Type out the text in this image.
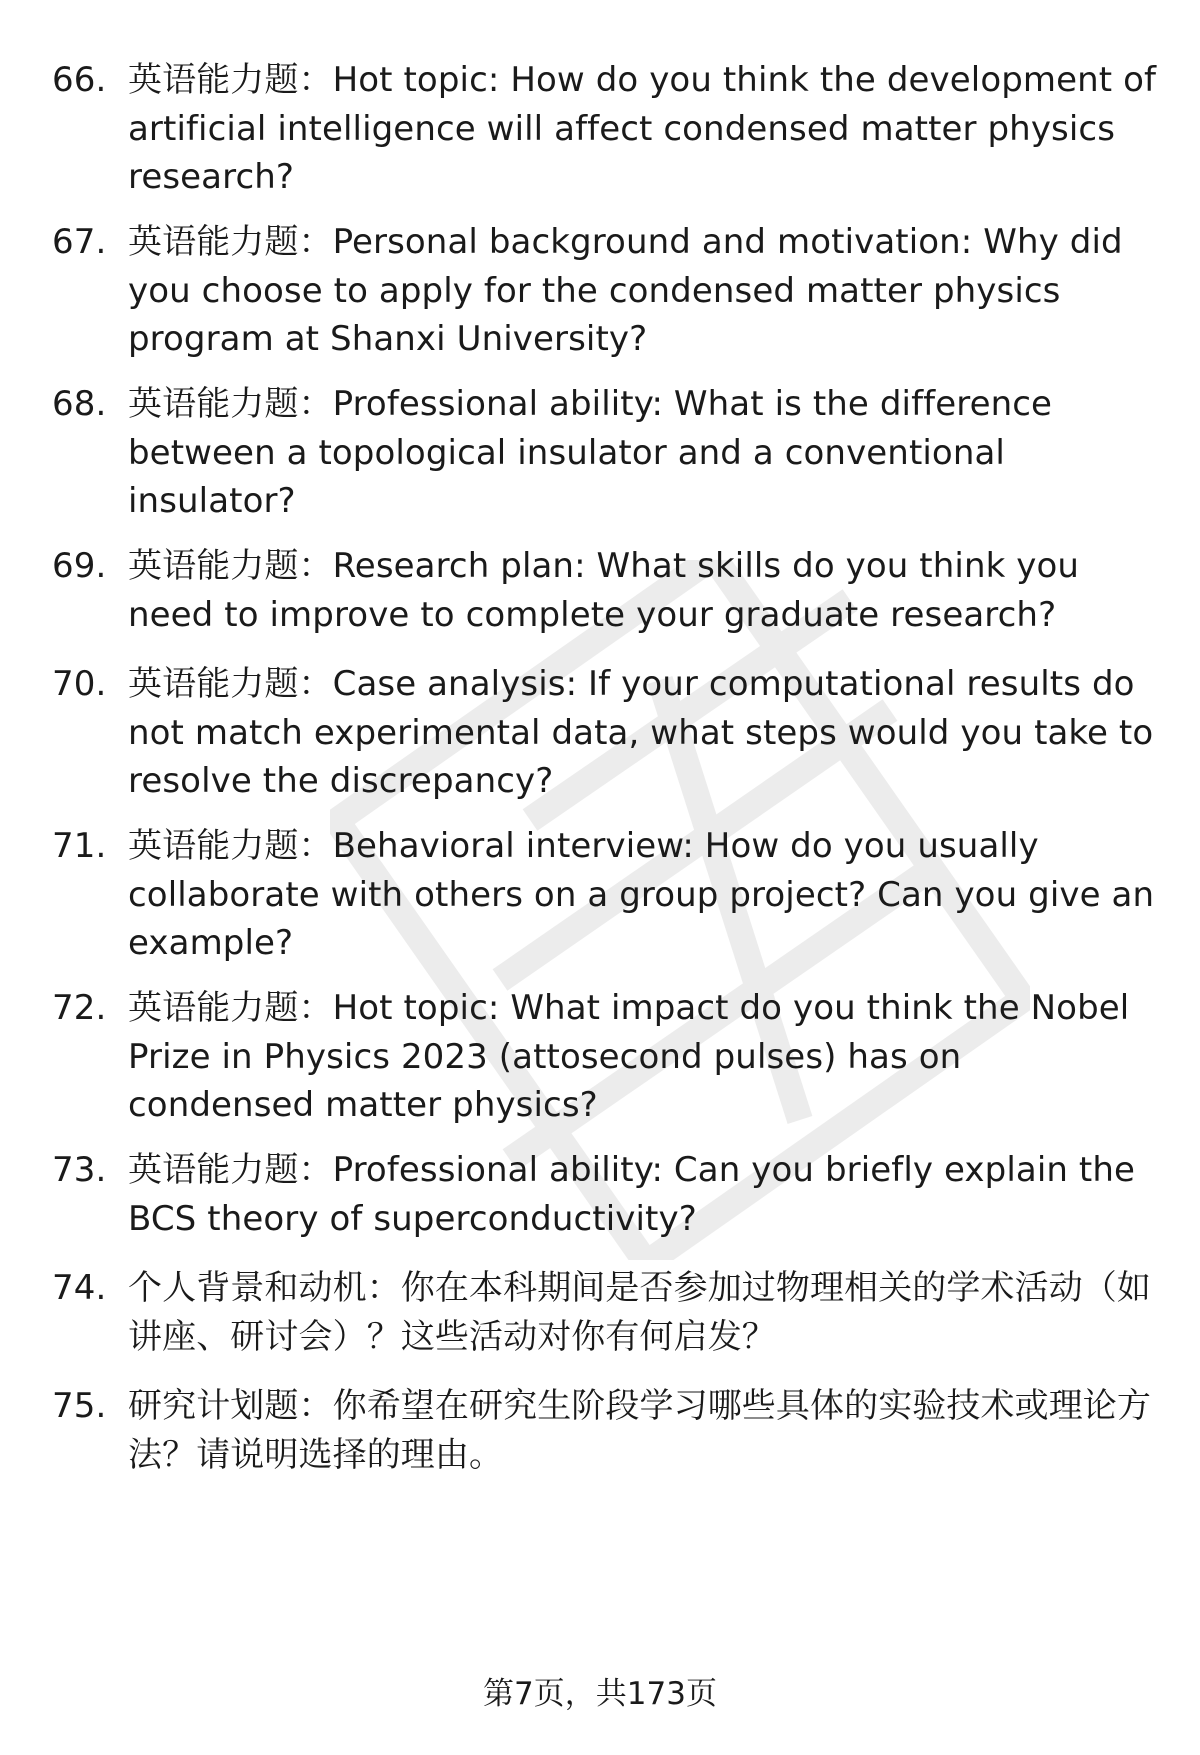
66. 英语能力题：Hot topic: How do you think the development of artificial intelligence will affect condensed matter physics research?
67. 英语能力题：Personal background and motivation: Why did you choose to apply for the condensed matter physics program at Shanxi University?
68. 英语能力题：Professional ability: What is the difference between a topological insulator and a conventional insulator?
69. 英语能力题：Research plan: What skills do you think you need to improve to complete your graduate research?
70. 英语能力题：Case analysis: If your computational results do not match experimental data, what steps would you take to resolve the discrepancy?
71. 英语能力题：Behavioral interview: How do you usually collaborate with others on a group project? Can you give an example?
72. 英语能力题：Hot topic: What impact do you think the Nobel Prize in Physics 2023 (attosecond pulses) has on condensed matter physics?
73. 英语能力题：Professional ability: Can you briefly explain the BCS theory of superconductivity?
74. 个人背景和动机：你在本科期间是否参加过物理相关的学术活动（如讲座、研讨会）？这些活动对你有何启发？
75. 研究计划题：你希望在研究生阶段学习哪些具体的实验技术或理论方法？请说明选择的理由。
第7页，共173页
